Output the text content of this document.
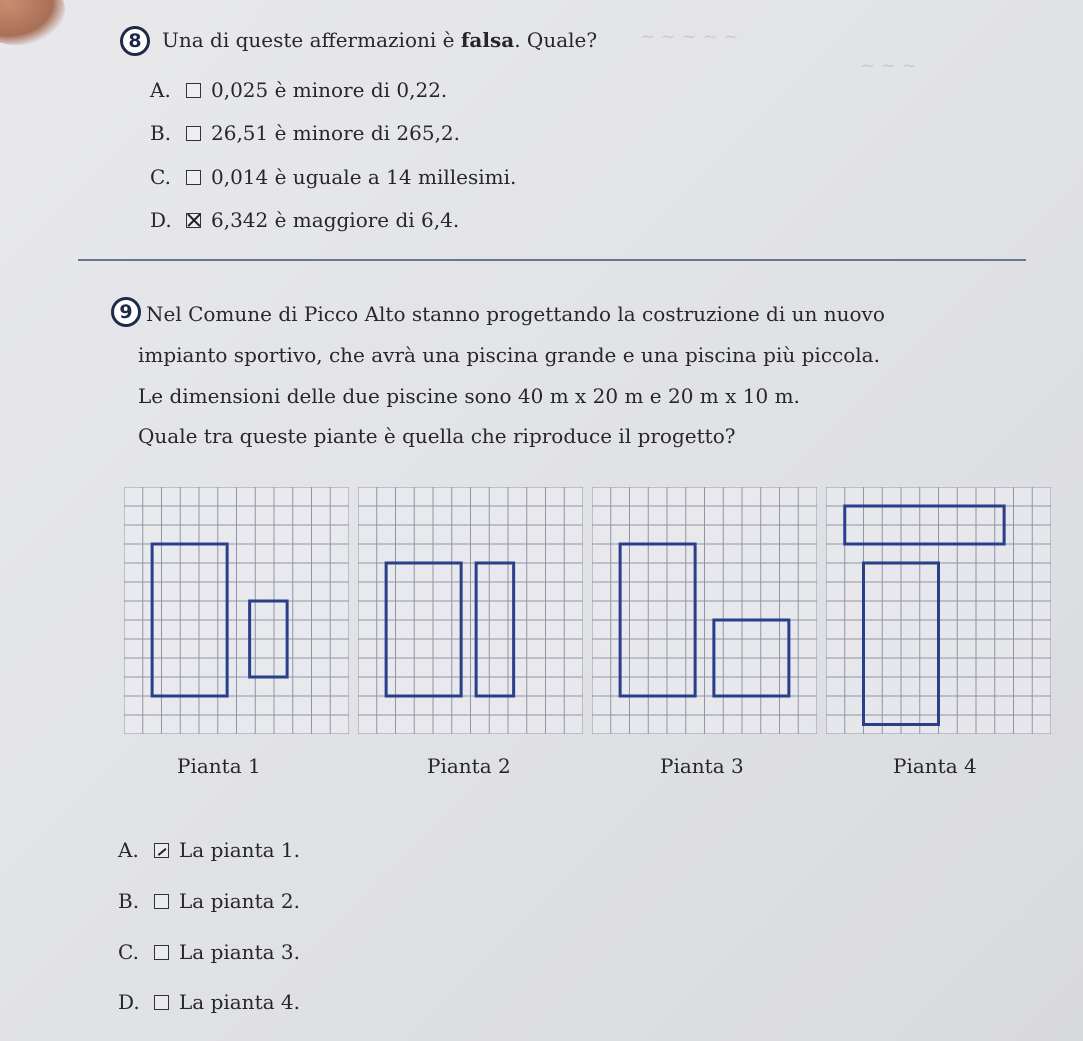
~ ~ ~ ~ ~
~ ~ ~
8 Una di queste affermazioni è falsa. Quale?
A.	0,025 è minore di 0,22.
B.	26,51 è minore di 265,2.
C.	0,014 è uguale a 14 millesimi.
D.	6,342 è maggiore di 6,4.
9 Nel Comune di Picco Alto stanno progettando la costruzione di un nuovo
impianto sportivo, che avrà una piscina grande e una piscina più piccola.
Le dimensioni delle due piscine sono 40 m x 20 m e 20 m x 10 m.
Quale tra queste piante è quella che riproduce il progetto?
Pianta 1	Pianta 2	Pianta 3	Pianta 4
A.	La pianta 1.
B.	La pianta 2.
C.	La pianta 3.
D.	La pianta 4.
